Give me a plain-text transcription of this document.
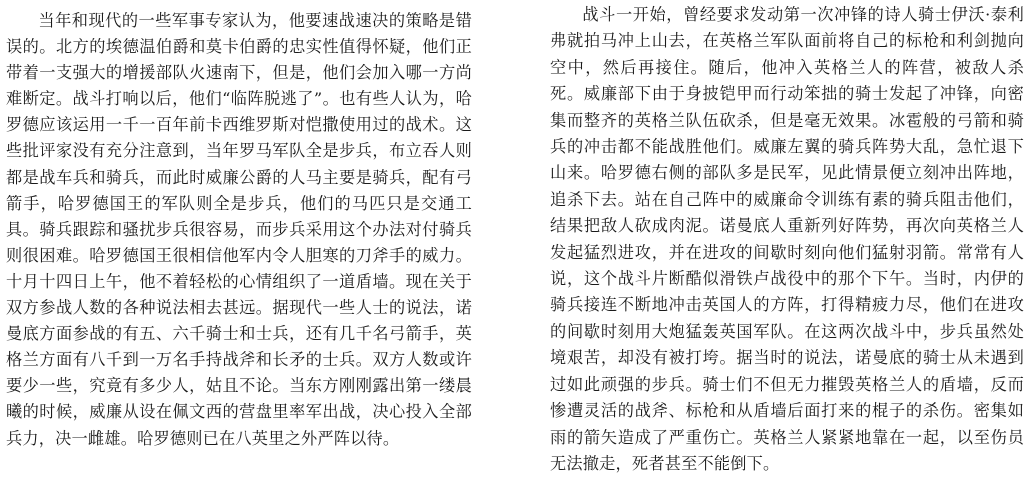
当年和现代的一些军事专家认为，他要速战速决的策略是错误的。北方的埃德温伯爵和莫卡伯爵的忠实性值得怀疑，他们正带着一支强大的增援部队火速南下，但是，他们会加入哪一方尚难断定。战斗打响以后，他们“临阵脱逃了”。也有些人认为，哈罗德应该运用一千一百年前卡西维罗斯对恺撒使用过的战术。这些批评家没有充分注意到，当年罗马军队全是步兵，布立吞人则都是战车兵和骑兵，而此时威廉公爵的人马主要是骑兵，配有弓箭手，哈罗德国王的军队则全是步兵，他们的马匹只是交通工具。骑兵跟踪和骚扰步兵很容易，而步兵采用这个办法对付骑兵则很困难。哈罗德国王很相信他军内令人胆寒的刀斧手的威力。十月十四日上午，他不着轻松的心情组织了一道盾墙。现在关于双方参战人数的各种说法相去甚远。据现代一些人士的说法，诺曼底方面参战的有五、六千骑士和士兵，还有几千名弓箭手，英格兰方面有八千到一万名手持战斧和长矛的士兵。双方人数或许要少一些，究竟有多少人，姑且不论。当东方刚刚露出第一缕晨曦的时候，威廉从设在佩文西的营盘里率军出战，决心投入全部兵力，决一雌雄。哈罗德则已在八英里之外严阵以待。

战斗一开始，曾经要求发动第一次冲锋的诗人骑士伊沃·泰利弗就拍马冲上山去，在英格兰军队面前将自己的标枪和利剑抛向空中，然后再接住。随后，他冲入英格兰人的阵营，被敌人杀死。威廉部下由于身披铠甲而行动笨拙的骑士发起了冲锋，向密集而整齐的英格兰队伍砍杀，但是毫无效果。冰雹般的弓箭和骑兵的冲击都不能战胜他们。威廉左翼的骑兵阵势大乱，急忙退下山来。哈罗德右侧的部队多是民军，见此情景便立刻冲出阵地，追杀下去。站在自己阵中的威廉命令训练有素的骑兵阻击他们，结果把敌人砍成肉泥。诺曼底人重新列好阵势，再次向英格兰人发起猛烈进攻，并在进攻的间歇时刻向他们猛射羽箭。常常有人说，这个战斗片断酷似滑铁卢战役中的那个下午。当时，内伊的骑兵接连不断地冲击英国人的方阵，打得精疲力尽，他们在进攻的间歇时刻用大炮猛轰英国军队。在这两次战斗中，步兵虽然处境艰苦，却没有被打垮。据当时的说法，诺曼底的骑士从未遇到过如此顽强的步兵。骑士们不但无力摧毁英格兰人的盾墙，反而惨遭灵活的战斧、标枪和从盾墙后面打来的棍子的杀伤。密集如雨的箭矢造成了严重伤亡。英格兰人紧紧地靠在一起，以至伤员无法撤走，死者甚至不能倒下。
